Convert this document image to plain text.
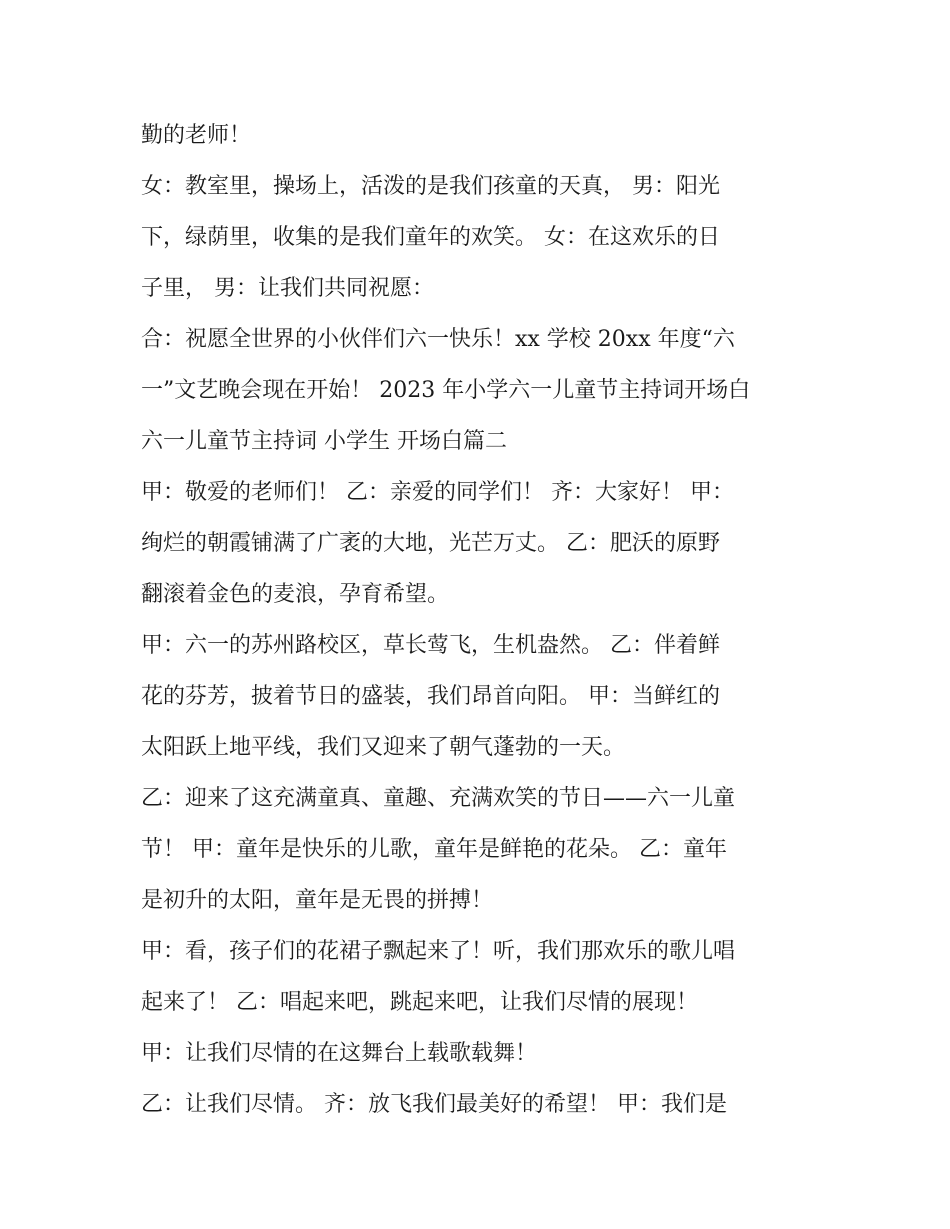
勤的老师！
女：教室里，操场上，活泼的是我们孩童的天真， 男：阳光
下，绿荫里，收集的是我们童年的欢笑。 女：在这欢乐的日
子里， 男：让我们共同祝愿：
合：祝愿全世界的小伙伴们六一快乐！xx 学校 20xx 年度“六
一”文艺晚会现在开始！ 2023 年小学六一儿童节主持词开场白
六一儿童节主持词 小学生 开场白篇二
甲：敬爱的老师们！ 乙：亲爱的同学们！ 齐：大家好！ 甲：
绚烂的朝霞铺满了广袤的大地，光芒万丈。 乙：肥沃的原野
翻滚着金色的麦浪，孕育希望。
甲：六一的苏州路校区，草长莺飞，生机盎然。 乙：伴着鲜
花的芬芳，披着节日的盛装，我们昂首向阳。 甲：当鲜红的
太阳跃上地平线，我们又迎来了朝气蓬勃的一天。
乙：迎来了这充满童真、童趣、充满欢笑的节日——六一儿童
节！ 甲：童年是快乐的儿歌，童年是鲜艳的花朵。 乙：童年
是初升的太阳，童年是无畏的拼搏！
甲：看，孩子们的花裙子飘起来了！听，我们那欢乐的歌儿唱
起来了！ 乙：唱起来吧，跳起来吧，让我们尽情的展现！
甲：让我们尽情的在这舞台上载歌载舞！
乙：让我们尽情。 齐：放飞我们最美好的希望！ 甲：我们是
